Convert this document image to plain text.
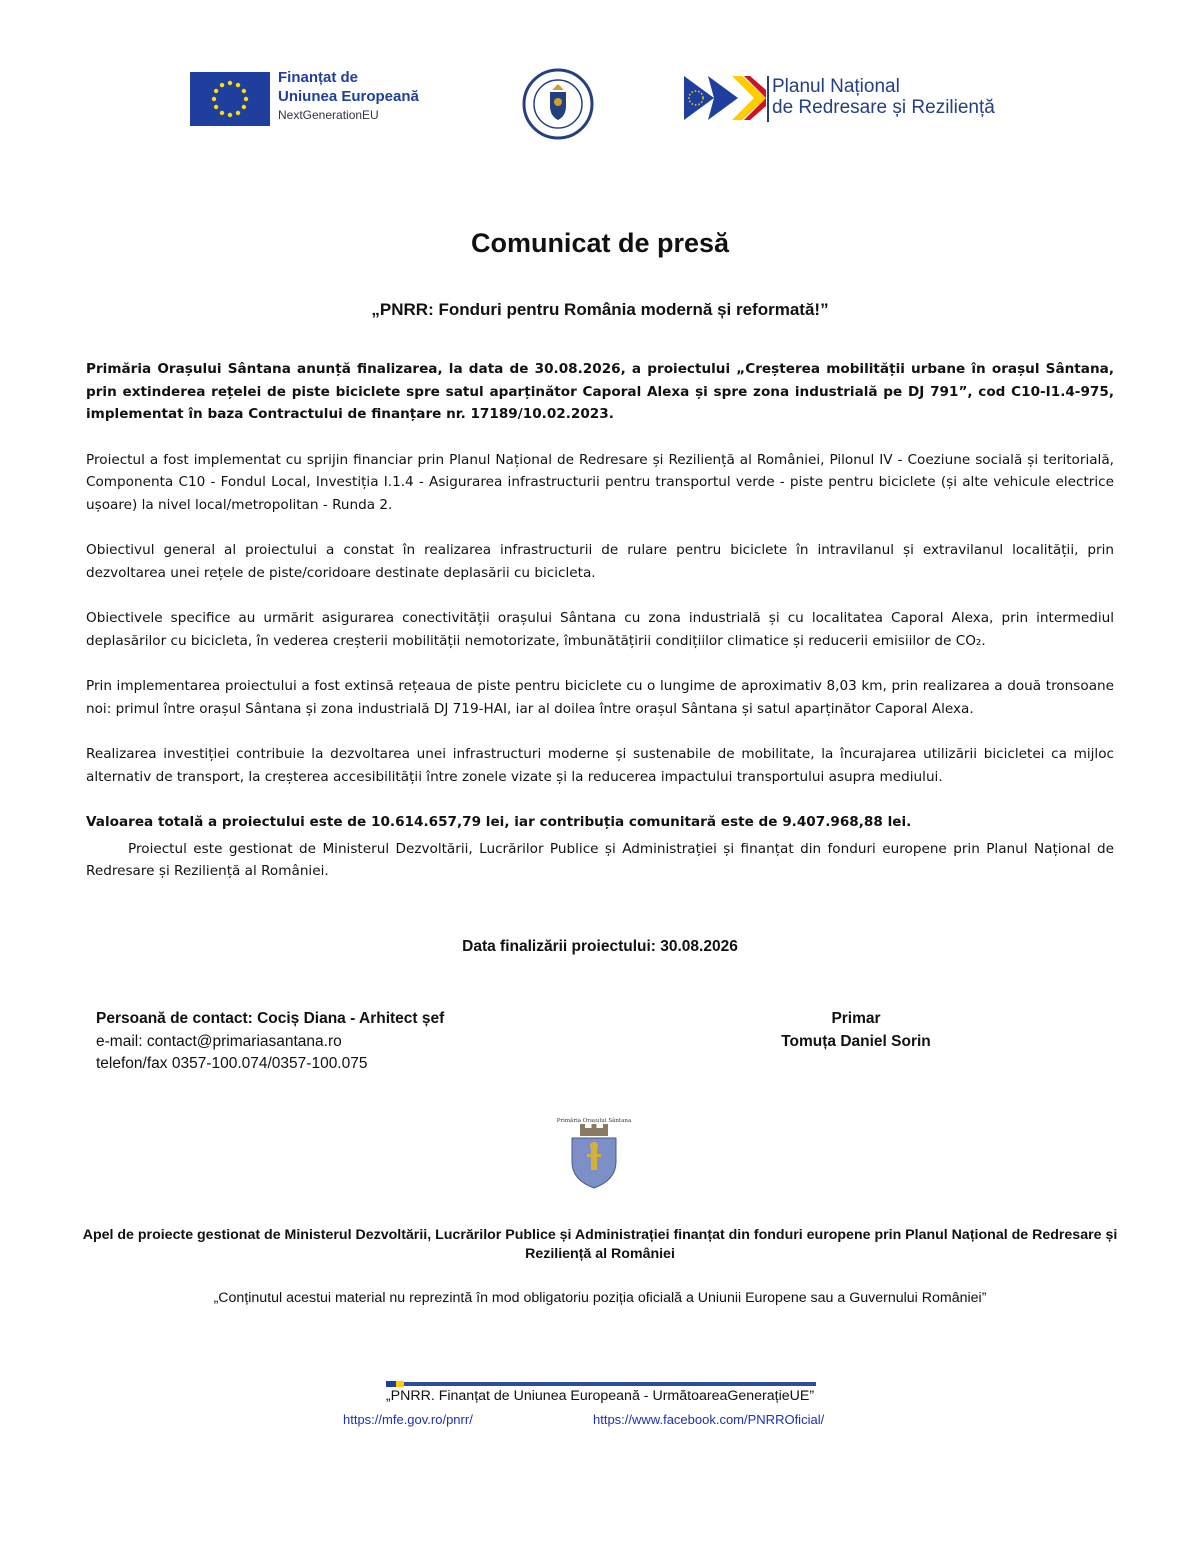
Finanțat de
Uniunea Europeană
NextGenerationEU
Planul Național
de Redresare și Reziliență
Comunicat de presă
„PNRR: Fonduri pentru România modernă și reformată!”

Primăria Orașului Sântana anunță finalizarea, la data de 30.08.2026, a proiectului „Creșterea mobilității urbane în orașul Sântana, prin extinderea rețelei de piste biciclete spre satul aparținător Caporal Alexa și spre zona industrială pe DJ 791”, cod C10-I1.4-975, implementat în baza Contractului de finanțare nr. 17189/10.02.2023.

Proiectul a fost implementat cu sprijin financiar prin Planul Național de Redresare și Reziliență al României, Pilonul IV - Coeziune socială și teritorială, Componenta C10 - Fondul Local, Investiția I.1.4 - Asigurarea infrastructurii pentru transportul verde - piste pentru biciclete (și alte vehicule electrice ușoare) la nivel local/metropolitan - Runda 2.

Obiectivul general al proiectului a constat în realizarea infrastructurii de rulare pentru biciclete în intravilanul și extravilanul localității, prin dezvoltarea unei rețele de piste/coridoare destinate deplasării cu bicicleta.

Obiectivele specifice au urmărit asigurarea conectivității orașului Sântana cu zona industrială și cu localitatea Caporal Alexa, prin intermediul deplasărilor cu bicicleta, în vederea creșterii mobilității nemotorizate, îmbunătățirii condițiilor climatice și reducerii emisiilor de CO₂.

Prin implementarea proiectului a fost extinsă rețeaua de piste pentru biciclete cu o lungime de aproximativ 8,03 km, prin realizarea a două tronsoane noi: primul între orașul Sântana și zona industrială DJ 719-HAI, iar al doilea între orașul Sântana și satul aparținător Caporal Alexa.

Realizarea investiției contribuie la dezvoltarea unei infrastructuri moderne și sustenabile de mobilitate, la încurajarea utilizării bicicletei ca mijloc alternativ de transport, la creșterea accesibilității între zonele vizate și la reducerea impactului transportului asupra mediului.

Valoarea totală a proiectului este de 10.614.657,79 lei, iar contribuția comunitară este de 9.407.968,88 lei.

Proiectul este gestionat de Ministerul Dezvoltării, Lucrărilor Publice și Administrației și finanțat din fonduri europene prin Planul Național de Redresare și Reziliență al României.

Data finalizării proiectului: 30.08.2026
Persoană de contact: Cociș Diana - Arhitect șef
e-mail: contact@primariasantana.ro
telefon/fax 0357-100.074/0357-100.075
Primar
Tomuța Daniel Sorin
Primăria Orașului Sântana
Apel de proiecte gestionat de Ministerul Dezvoltării, Lucrărilor Publice și Administrației finanțat din fonduri europene prin Planul Național de Redresare și Reziliență al României
„Conținutul acestui material nu reprezintă în mod obligatoriu poziția oficială a Uniunii Europene sau a Guvernului României”
„PNRR. Finanțat de Uniunea Europeană - UrmătoareaGenerațieUE”
https://mfe.gov.ro/pnrr/	https://www.facebook.com/PNRROficial/
